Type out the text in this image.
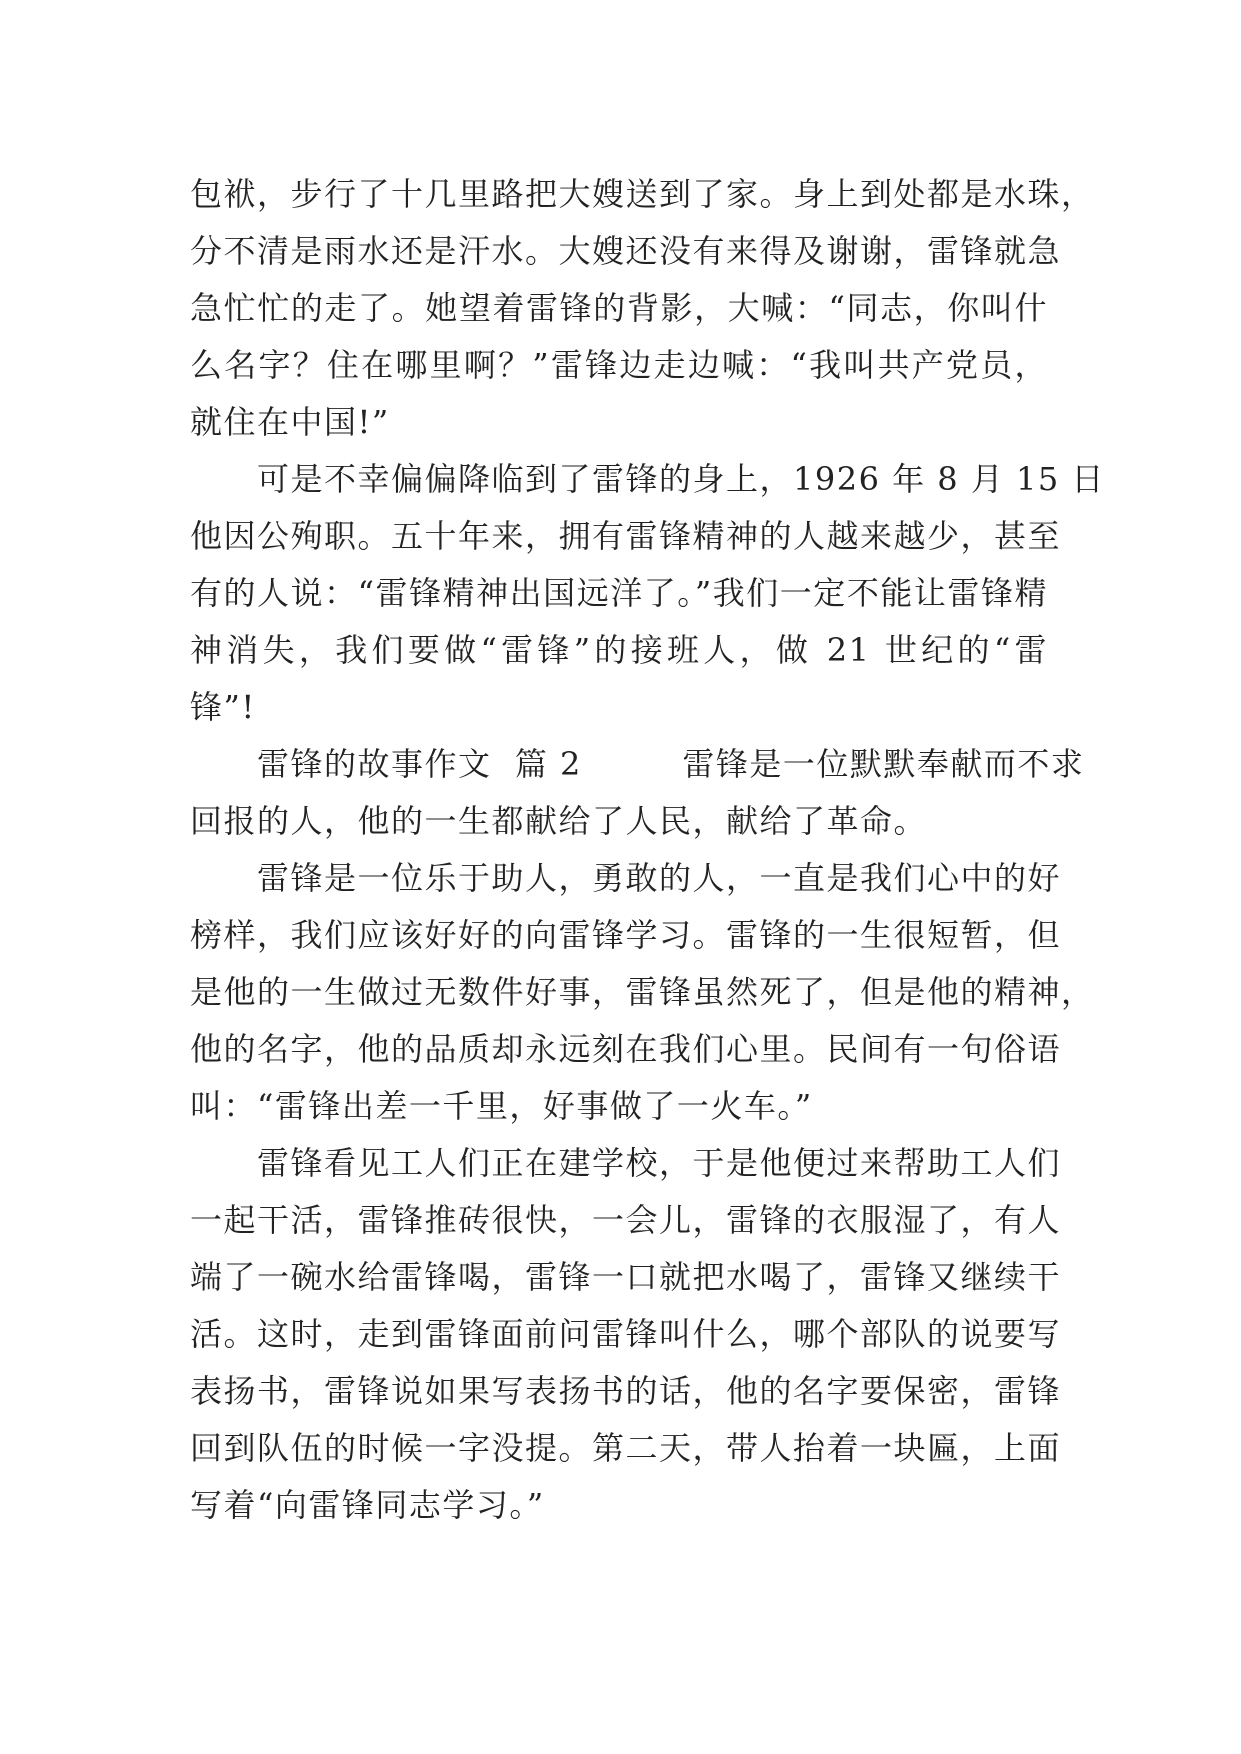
包袱，步行了十几里路把大嫂送到了家。身上到处都是水珠，
分不清是雨水还是汗水。大嫂还没有来得及谢谢，雷锋就急
急忙忙的走了。她望着雷锋的背影，大喊：“同志，你叫什
么名字？住在哪里啊？”雷锋边走边喊：“我叫共产党员，
就住在中国!”
　　可是不幸偏偏降临到了雷锋的身上，1926 年 8 月 15 日
他因公殉职。五十年来，拥有雷锋精神的人越来越少，甚至
有的人说：“雷锋精神出国远洋了。”我们一定不能让雷锋精
神消失，我们要做“雷锋”的接班人，做 21 世纪的“雷
锋”!
　　雷锋的故事作文  篇 2　　　雷锋是一位默默奉献而不求
回报的人，他的一生都献给了人民，献给了革命。
　　雷锋是一位乐于助人，勇敢的人，一直是我们心中的好
榜样，我们应该好好的向雷锋学习。雷锋的一生很短暂，但
是他的一生做过无数件好事，雷锋虽然死了，但是他的精神，
他的名字，他的品质却永远刻在我们心里。民间有一句俗语
叫：“雷锋出差一千里，好事做了一火车。”
　　雷锋看见工人们正在建学校，于是他便过来帮助工人们
一起干活，雷锋推砖很快，一会儿，雷锋的衣服湿了，有人
端了一碗水给雷锋喝，雷锋一口就把水喝了，雷锋又继续干
活。这时，走到雷锋面前问雷锋叫什么，哪个部队的说要写
表扬书，雷锋说如果写表扬书的话，他的名字要保密，雷锋
回到队伍的时候一字没提。第二天，带人抬着一块匾，上面
写着“向雷锋同志学习。”
